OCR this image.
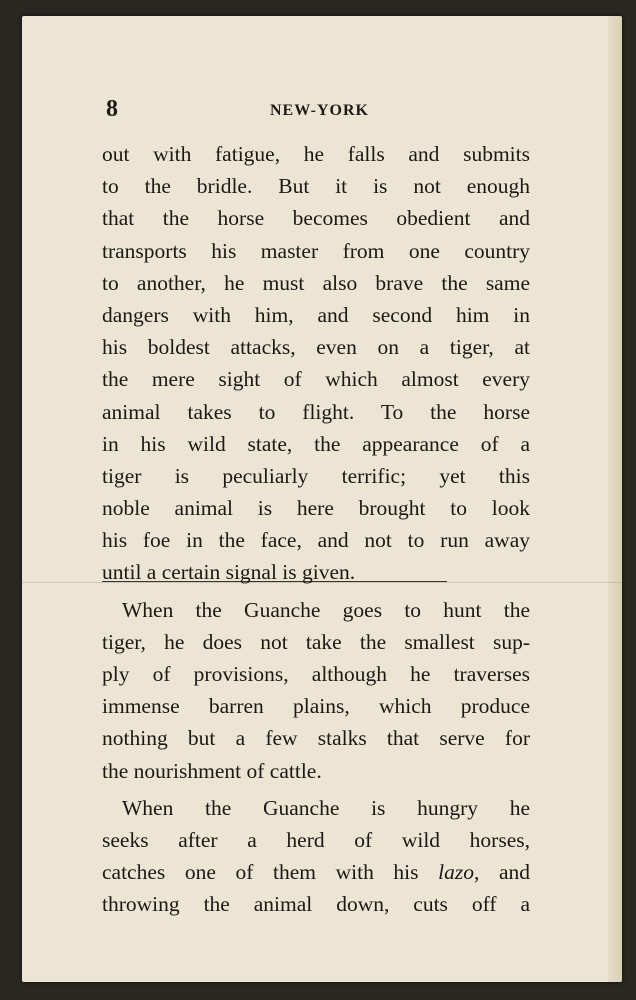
8	NEW-YORK
out with fatigue, he falls and submits
to the bridle. But it is not enough
that the horse becomes obedient and
transports his master from one country
to another, he must also brave the same
dangers with him, and second him in
his boldest attacks, even on a tiger, at
the mere sight of which almost every
animal takes to flight. To the horse
in his wild state, the appearance of a
tiger is peculiarly terrific; yet this
noble animal is here brought to look
his foe in the face, and not to run away
until a certain signal is given.
When the Guanche goes to hunt the
tiger, he does not take the smallest sup-
ply of provisions, although he traverses
immense barren plains, which produce
nothing but a few stalks that serve for
the nourishment of cattle.
When the Guanche is hungry he
seeks after a herd of wild horses,
catches one of them with his lazo, and
throwing the animal down, cuts off a
